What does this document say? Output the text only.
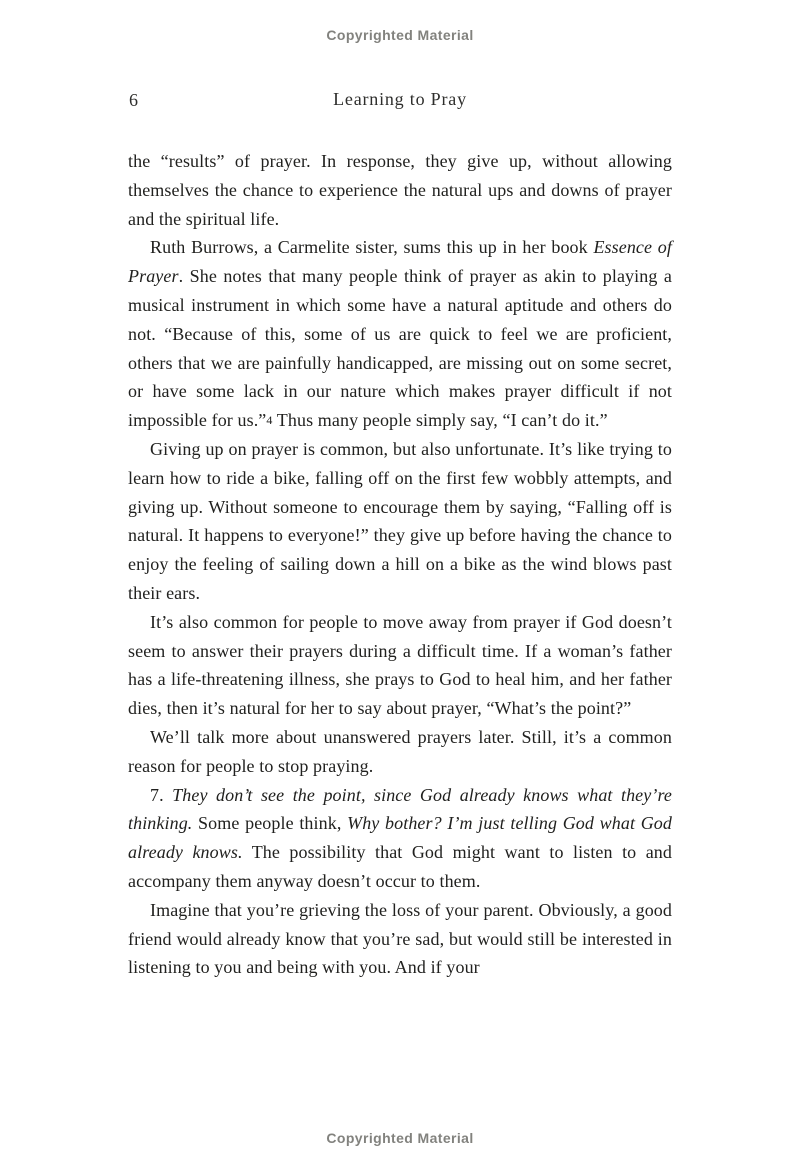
Copyrighted Material
6	Learning to Pray

the “results” of prayer. In response, they give up, without allowing themselves the chance to experience the natural ups and downs of prayer and the spiritual life.

Ruth Burrows, a Carmelite sister, sums this up in her book Essence of Prayer. She notes that many people think of prayer as akin to playing a musical instrument in which some have a natural aptitude and others do not. “Because of this, some of us are quick to feel we are proficient, others that we are painfully handicapped, are missing out on some secret, or have some lack in our nature which makes prayer difficult if not impossible for us.”4 Thus many people simply say, “I can’t do it.”

Giving up on prayer is common, but also unfortunate. It’s like trying to learn how to ride a bike, falling off on the first few wobbly attempts, and giving up. Without someone to encourage them by saying, “Falling off is natural. It happens to everyone!” they give up before having the chance to enjoy the feeling of sailing down a hill on a bike as the wind blows past their ears.

It’s also common for people to move away from prayer if God doesn’t seem to answer their prayers during a difficult time. If a woman’s father has a life-threatening illness, she prays to God to heal him, and her father dies, then it’s natural for her to say about prayer, “What’s the point?”

We’ll talk more about unanswered prayers later. Still, it’s a common reason for people to stop praying.

7. They don’t see the point, since God already knows what they’re thinking. Some people think, Why bother? I’m just telling God what God already knows. The possibility that God might want to listen to and accompany them anyway doesn’t occur to them.

Imagine that you’re grieving the loss of your parent. Obviously, a good friend would already know that you’re sad, but would still be interested in listening to you and being with you. And if your

Copyrighted Material
